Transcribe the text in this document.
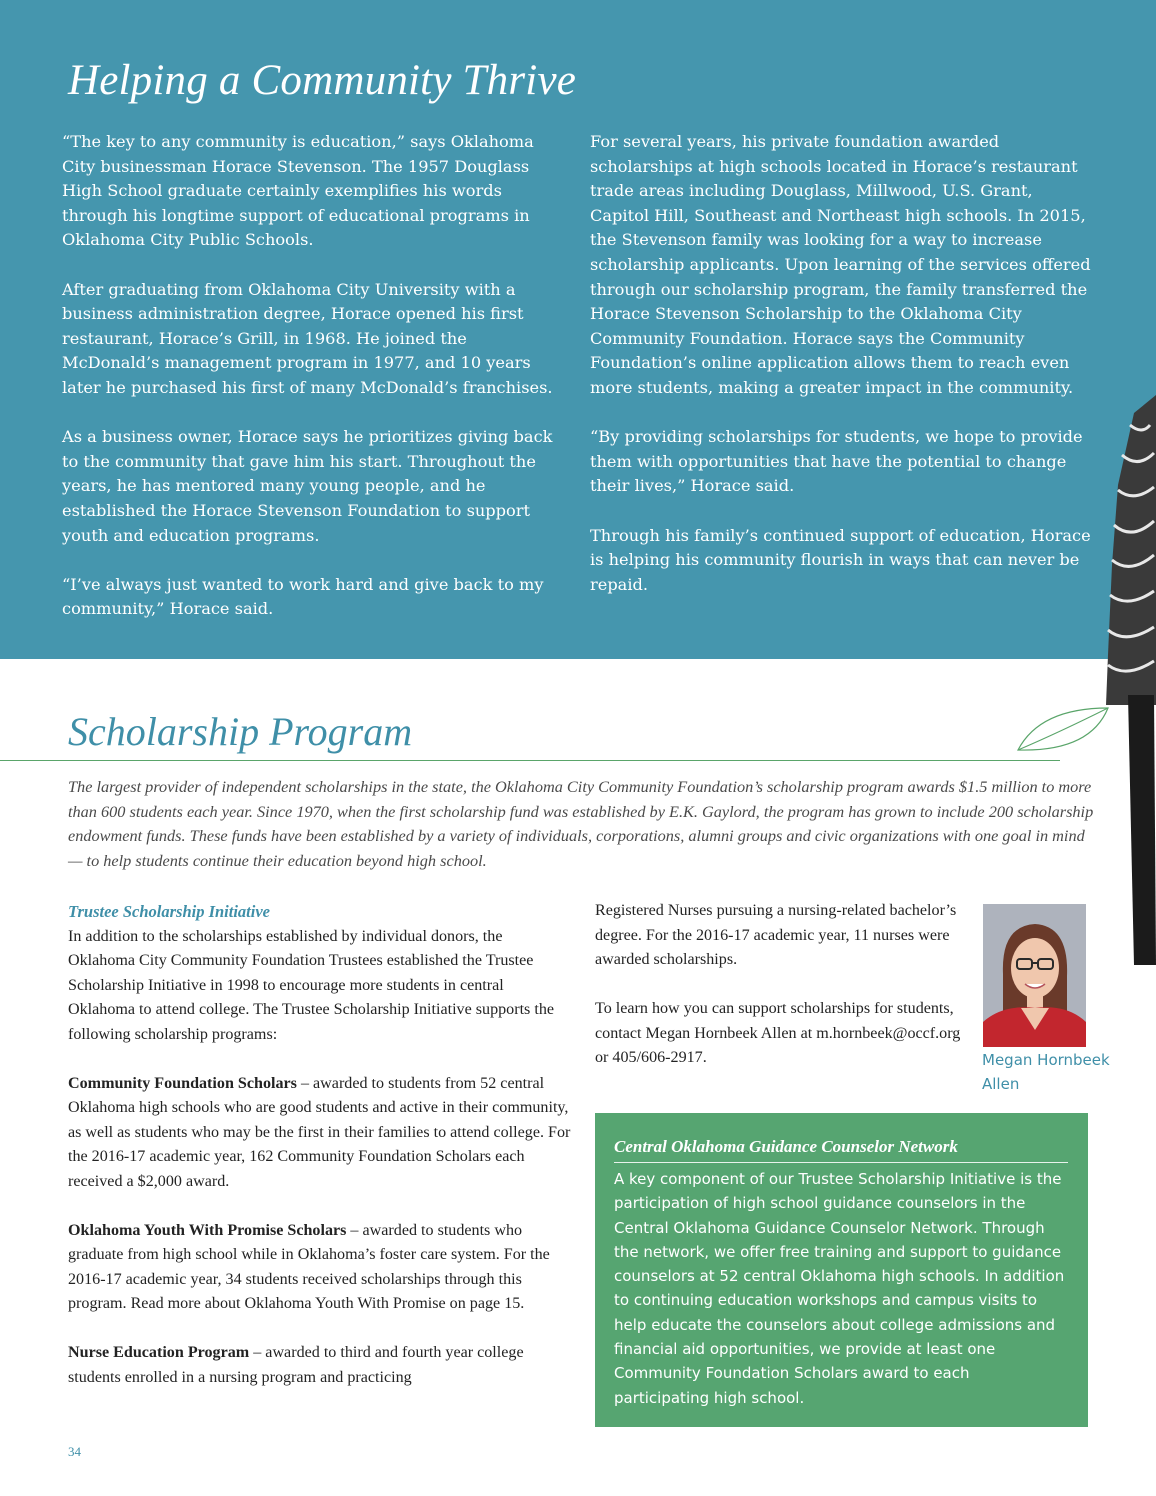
Helping a Community Thrive

“The key to any community is education,” says Oklahoma City businessman Horace Stevenson. The 1957 Douglass High School graduate certainly exemplifies his words through his longtime support of educational programs in Oklahoma City Public Schools.

After graduating from Oklahoma City University with a business administration degree, Horace opened his first restaurant, Horace’s Grill, in 1968. He joined the McDonald’s management program in 1977, and 10 years later he purchased his first of many McDonald’s franchises.

As a business owner, Horace says he prioritizes giving back to the community that gave him his start. Throughout the years, he has mentored many young people, and he established the Horace Stevenson Foundation to support youth and education programs.

“I’ve always just wanted to work hard and give back to my community,” Horace said.

For several years, his private foundation awarded scholarships at high schools located in Horace’s restaurant trade areas including Douglass, Millwood, U.S. Grant, Capitol Hill, Southeast and Northeast high schools. In 2015, the Stevenson family was looking for a way to increase scholarship applicants. Upon learning of the services offered through our scholarship program, the family transferred the Horace Stevenson Scholarship to the Oklahoma City Community Foundation. Horace says the Community Foundation’s online application allows them to reach even more students, making a greater impact in the community.

“By providing scholarships for students, we hope to provide them with opportunities that have the potential to change their lives,” Horace said.

Through his family’s continued support of education, Horace is helping his community flourish in ways that can never be repaid.

Scholarship Program
The largest provider of independent scholarships in the state, the Oklahoma City Community Foundation’s scholarship program awards $1.5 million to more than 600 students each year. Since 1970, when the first scholarship fund was established by E.K. Gaylord, the program has grown to include 200 scholarship endowment funds. These funds have been established by a variety of individuals, corporations, alumni groups and civic organizations with one goal in mind — to help students continue their education beyond high school.
Trustee Scholarship Initiative

In addition to the scholarships established by individual donors, the Oklahoma City Community Foundation Trustees established the Trustee Scholarship Initiative in 1998 to encourage more students in central Oklahoma to attend college. The Trustee Scholarship Initiative supports the following scholarship programs:

Community Foundation Scholars – awarded to students from 52 central Oklahoma high schools who are good students and active in their community, as well as students who may be the first in their families to attend college. For the 2016-17 academic year, 162 Community Foundation Scholars each received a $2,000 award.

Oklahoma Youth With Promise Scholars – awarded to students who graduate from high school while in Oklahoma’s foster care system. For the 2016-17 academic year, 34 students received scholarships through this program. Read more about Oklahoma Youth With Promise on page 15.

Nurse Education Program – awarded to third and fourth year college students enrolled in a nursing program and practicing

Registered Nurses pursuing a nursing-related bachelor’s degree. For the 2016-17 academic year, 11 nurses were awarded scholarships.

To learn how you can support scholarships for students, contact Megan Hornbeek Allen at m.hornbeek@occf.org or 405/606-2917.	Megan Hornbeek Allen
Central Oklahoma Guidance Counselor Network

A key component of our Trustee Scholarship Initiative is the participation of high school guidance counselors in the Central Oklahoma Guidance Counselor Network. Through the network, we offer free training and support to guidance counselors at 52 central Oklahoma high schools. In addition to continuing education workshops and campus visits to help educate the counselors about college admissions and financial aid opportunities, we provide at least one Community Foundation Scholars award to each participating high school.

34
